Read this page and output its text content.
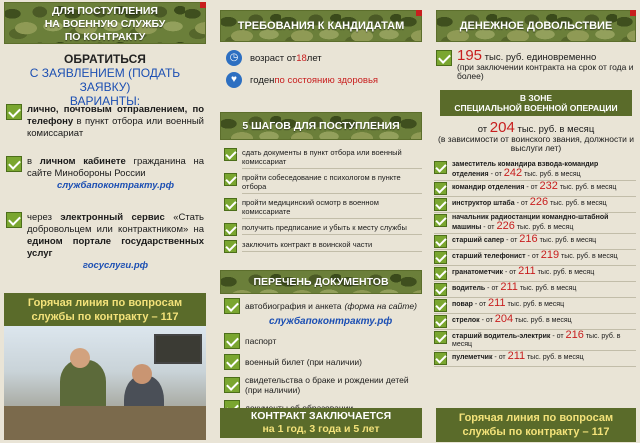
ДЛЯ ПОСТУПЛЕНИЯ
НА ВОЕННУЮ СЛУЖБУ
ПО КОНТРАКТУ
ОБРАТИТЬСЯ
С ЗАЯВЛЕНИЕМ (ПОДАТЬ ЗАЯВКУ)
ВАРИАНТЫ:
лично, почтовым отправлением, по телефону в пункт отбора или военный комиссариат
в личном кабинете гражданина на сайте Минобороны России
службапоконтракту.рф
через электронный сервис «Стать добровольцем или контрактником» на едином портале государственных услуг
госуслуги.рф
Горячая линия по вопросам службы по контракту – 117
ТРЕБОВАНИЯ К КАНДИДАТАМ
◷	возраст от 18 лет
♥	годен по состоянию здоровья
5 ШАГОВ ДЛЯ ПОСТУПЛЕНИЯ
сдать документы в пункт отбора или военный комиссариат
пройти собеседование с психологом в пункте отбора
пройти медицинский осмотр в военном комиссариате
получить предписание и убыть к месту службы
заключить контракт в воинской части
ПЕРЕЧЕНЬ ДОКУМЕНТОВ
автобиография и анкета (форма на сайте)
службапоконтракту.рф
паспорт
военный билет (при наличии)
свидетельства о браке и рождении детей (при наличии)
КОНТРАКТ ЗАКЛЮЧАЕТСЯ
на 1 год, 3 года и 5 лет
ДЕНЕЖНОЕ ДОВОЛЬСТВИЕ
195 тыс. руб. единовременно
(при заключении контракта на срок от года и более)
В ЗОНЕ
СПЕЦИАЛЬНОЙ ВОЕННОЙ ОПЕРАЦИИ
от 204 тыс. руб. в месяц
(в зависимости от воинского звания, должности и выслуги лет)
заместитель командира взвода-командир отделения - от 242 тыс. руб. в месяц
командир отделения - от 232 тыс. руб. в месяц
инструктор штаба - от 226 тыс. руб. в месяц
начальник радиостанции командно-штабной машины - от 226 тыс. руб. в месяц
старший сапер - от 216 тыс. руб. в месяц
старший телефонист - от 219 тыс. руб. в месяц
гранатометчик - от 211 тыс. руб. в месяц
водитель - от 211 тыс. руб. в месяц
повар - от 211 тыс. руб. в месяц
стрелок - от 204 тыс. руб. в месяц
старший водитель-электрик - от 216 тыс. руб. в месяц
пулеметчик - от 211 тыс. руб. в месяц
Горячая линия по вопросам службы по контракту – 117
